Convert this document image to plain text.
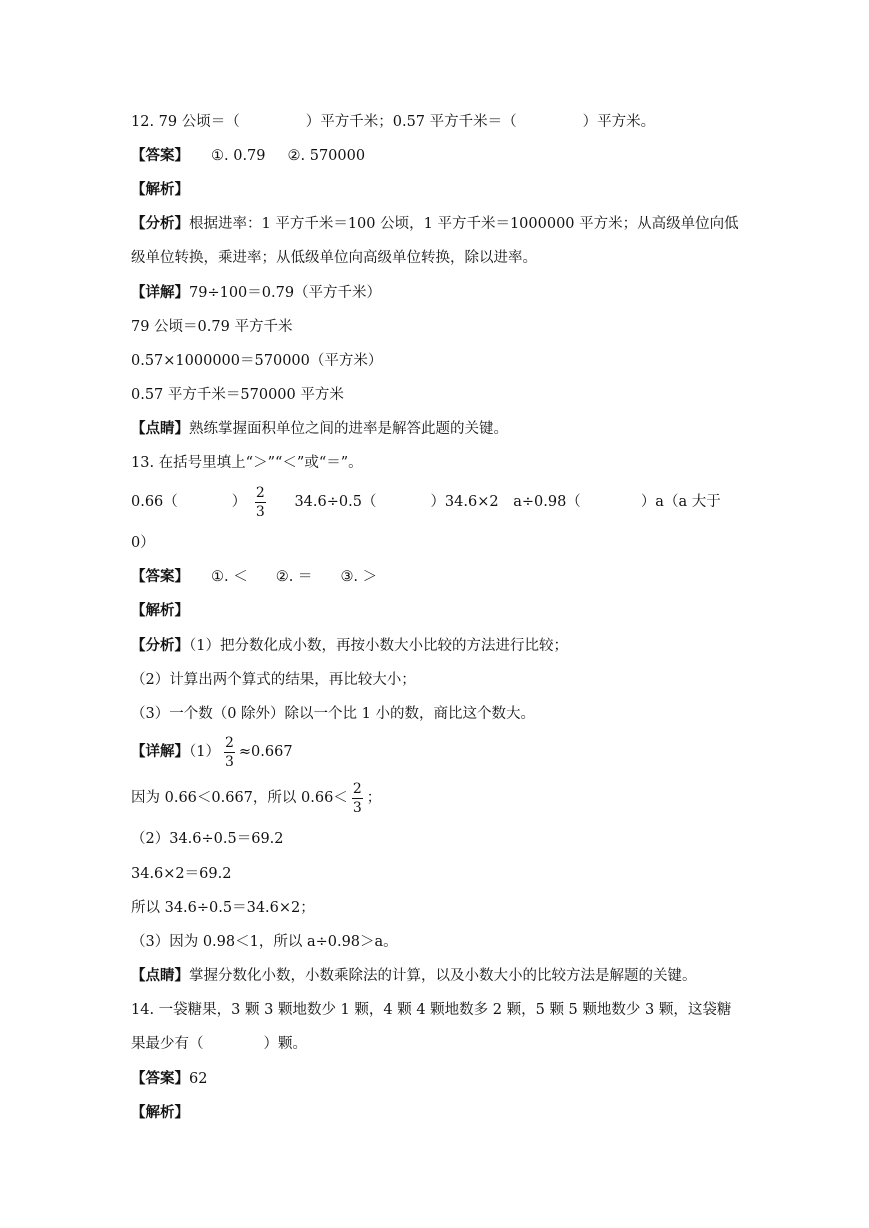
12. 79 公顷＝（	）平方千米；0.57 平方千米＝（	）平方米。
【答案】 ①. 0.79 ②. 570000
【解析】
【分析】根据进率：1 平方千米＝100 公顷，1 平方千米＝1000000 平方米；从高级单位向低
级单位转换，乘进率；从低级单位向高级单位转换，除以进率。
【详解】79÷100＝0.79（平方千米）
79 公顷＝0.79 平方千米
0.57×1000000＝570000（平方米）
0.57 平方千米＝570000 平方米
【点睛】熟练掌握面积单位之间的进率是解答此题的关键。
13. 在括号里填上“＞”“＜”或“＝”。
0.66（	） $\frac{2}{3} 34.6\div 0.5$（	）34.6×2 a÷0.98（	）a（a 大于
0）
【答案】 ①. ＜ ②. ＝ ③. ＞
【解析】
【分析】（1）把分数化成小数，再按小数大小比较的方法进行比较；
（2）计算出两个算式的结果，再比较大小；
（3）一个数（0 除外）除以一个比 1 小的数，商比这个数大。
【详解】$(1) \frac{2}{3} \approx 0.667$
因为 0.66＜0.667，所以 $0.66< \frac{2}{3}$ ；
（2）34.6÷0.5＝69.2
34.6×2＝69.2
所以 34.6÷0.5＝34.6×2；
（3）因为 0.98＜1，所以 a÷0.98＞a。
【点睛】掌握分数化小数，小数乘除法的计算，以及小数大小的比较方法是解题的关键。
14. 一袋糖果，3 颗 3 颗地数少 1 颗，4 颗 4 颗地数多 2 颗，5 颗 5 颗地数少 3 颗，这袋糖
果最少有（	）颗。
【答案】62
【解析】
